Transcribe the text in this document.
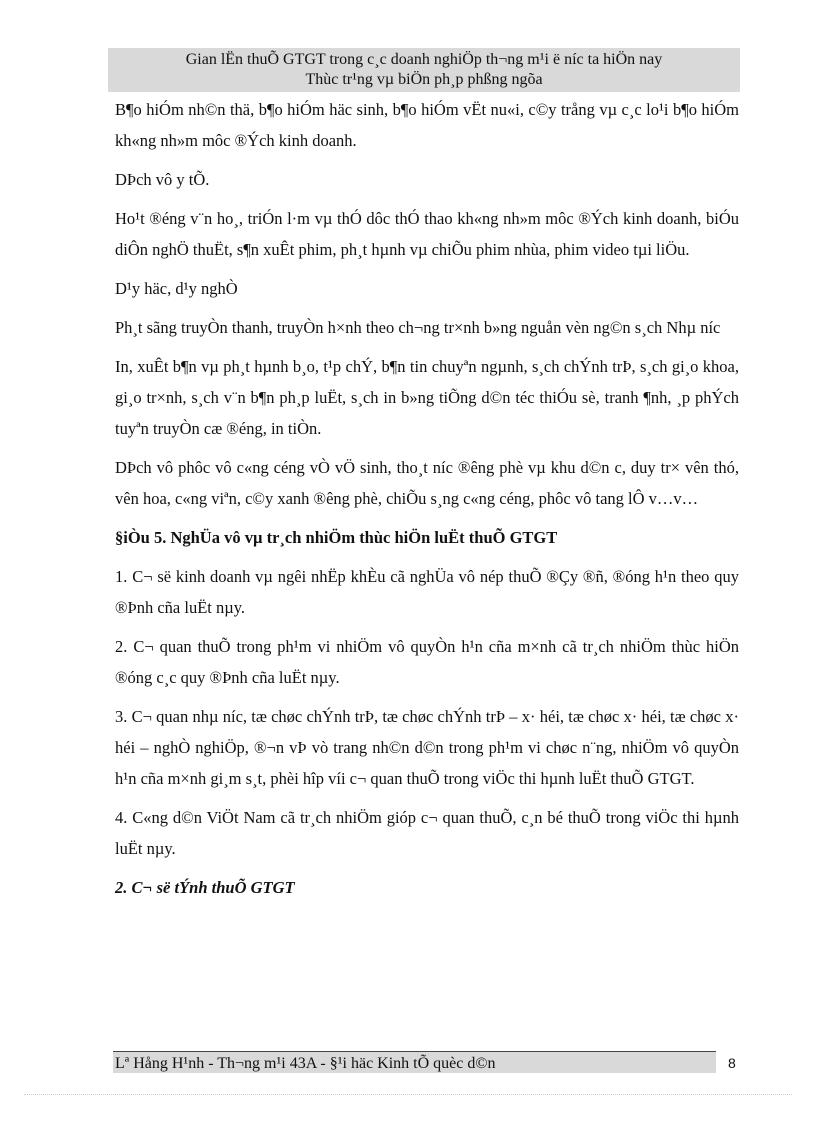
Gian lËn thuÕ GTGT trong c¸c doanh nghiÖp th¬ng m¹i ë níc ta hiÖn nay
Thùc tr¹ng vµ biÖn ph¸p phßng ngõa

B¶o hiÓm nh©n thä, b¶o hiÓm häc sinh, b¶o hiÓm vËt nu«i, c©y trång vµ c¸c lo¹i b¶o hiÓm kh«ng nh»m môc ®Ých kinh doanh.

DÞch vô y tÕ.

Ho¹t ®éng v¨n ho¸, triÓn l·m vµ thÓ dôc thÓ thao kh«ng nh»m môc ®Ých kinh doanh, biÓu diÔn nghÖ thuËt, s¶n xuÊt phim, ph¸t hµnh vµ chiÕu phim nhùa, phim video tµi liÖu.

D¹y häc, d¹y nghÒ

Ph¸t sãng truyÒn thanh, truyÒn h×nh theo ch¬ng tr×nh b»ng nguån vèn ng©n s¸ch Nhµ níc

In, xuÊt b¶n vµ ph¸t hµnh b¸o, t¹p chÝ, b¶n tin chuyªn ngµnh, s¸ch chÝnh trÞ, s¸ch gi¸o khoa, gi¸o tr×nh, s¸ch v¨n b¶n ph¸p luËt, s¸ch in b»ng tiÕng d©n téc thiÓu sè, tranh ¶nh, ¸p phÝch tuyªn truyÒn cæ ®éng, in tiÒn.

DÞch vô phôc vô c«ng céng vÒ vÖ sinh, tho¸t níc ®êng phè vµ khu d©n c, duy tr× vên thó, vên hoa, c«ng viªn, c©y xanh ®êng phè, chiÕu s¸ng c«ng céng, phôc vô tang lÔ v…v…

§iÒu 5. NghÜa vô vµ tr¸ch nhiÖm thùc hiÖn luËt thuÕ GTGT

1. C¬ së kinh doanh vµ ngêi nhËp khÈu cã nghÜa vô nép thuÕ ®Çy ®ñ, ®óng h¹n theo quy ®Þnh cña luËt nµy.

2. C¬ quan thuÕ trong ph¹m vi nhiÖm vô quyÒn h¹n cña m×nh cã tr¸ch nhiÖm thùc hiÖn ®óng c¸c quy ®Þnh cña luËt nµy.

3. C¬ quan nhµ níc, tæ chøc chÝnh trÞ, tæ chøc chÝnh trÞ – x· héi, tæ chøc x· héi, tæ chøc x· héi – nghÒ nghiÖp, ®¬n vÞ vò trang nh©n d©n trong ph¹m vi chøc n¨ng, nhiÖm vô quyÒn h¹n cña m×nh gi¸m s¸t, phèi hîp víi c¬ quan thuÕ trong viÖc thi hµnh luËt thuÕ GTGT.

4. C«ng d©n ViÖt Nam cã tr¸ch nhiÖm gióp c¬ quan thuÕ, c¸n bé thuÕ trong viÖc thi hµnh luËt nµy.

2. C¬ së tÝnh thuÕ GTGT

Lª Hång H¹nh - Th¬ng m¹i 43A - §¹i häc Kinh tÕ quèc d©n	8
